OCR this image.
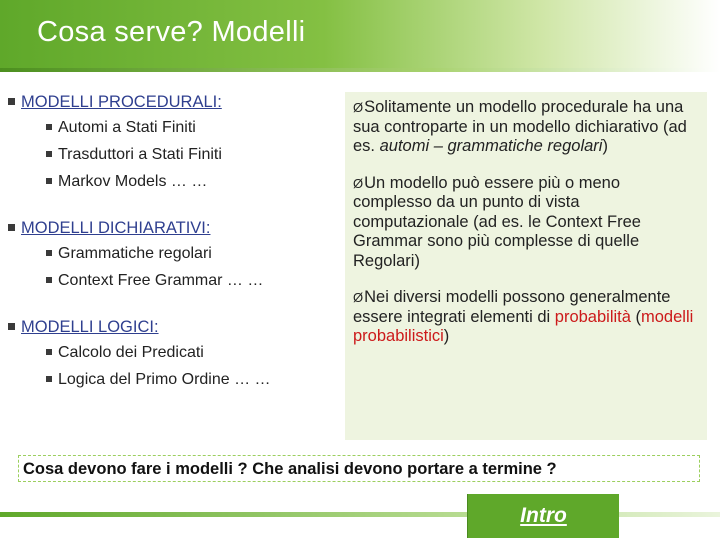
Cosa serve? Modelli
MODELLI PROCEDURALI:
Automi a Stati Finiti
Trasduttori a Stati Finiti
Markov Models … …
MODELLI DICHIARATIVI:
Grammatiche regolari
Context Free Grammar … …
MODELLI LOGICI:
Calcolo dei Predicati
Logica del Primo Ordine … …

ØSolitamente un modello procedurale ha una sua controparte in un modello dichiarativo (ad es. automi – grammatiche regolari)

ØUn modello può essere più o meno complesso da un punto di vista computazionale (ad es. le Context Free Grammar sono più complesse di quelle Regolari)

ØNei diversi modelli possono generalmente essere integrati elementi di probabilità (modelli probabilistici)

Cosa devono fare i modelli ? Che analisi devono portare a termine ?

Intro
